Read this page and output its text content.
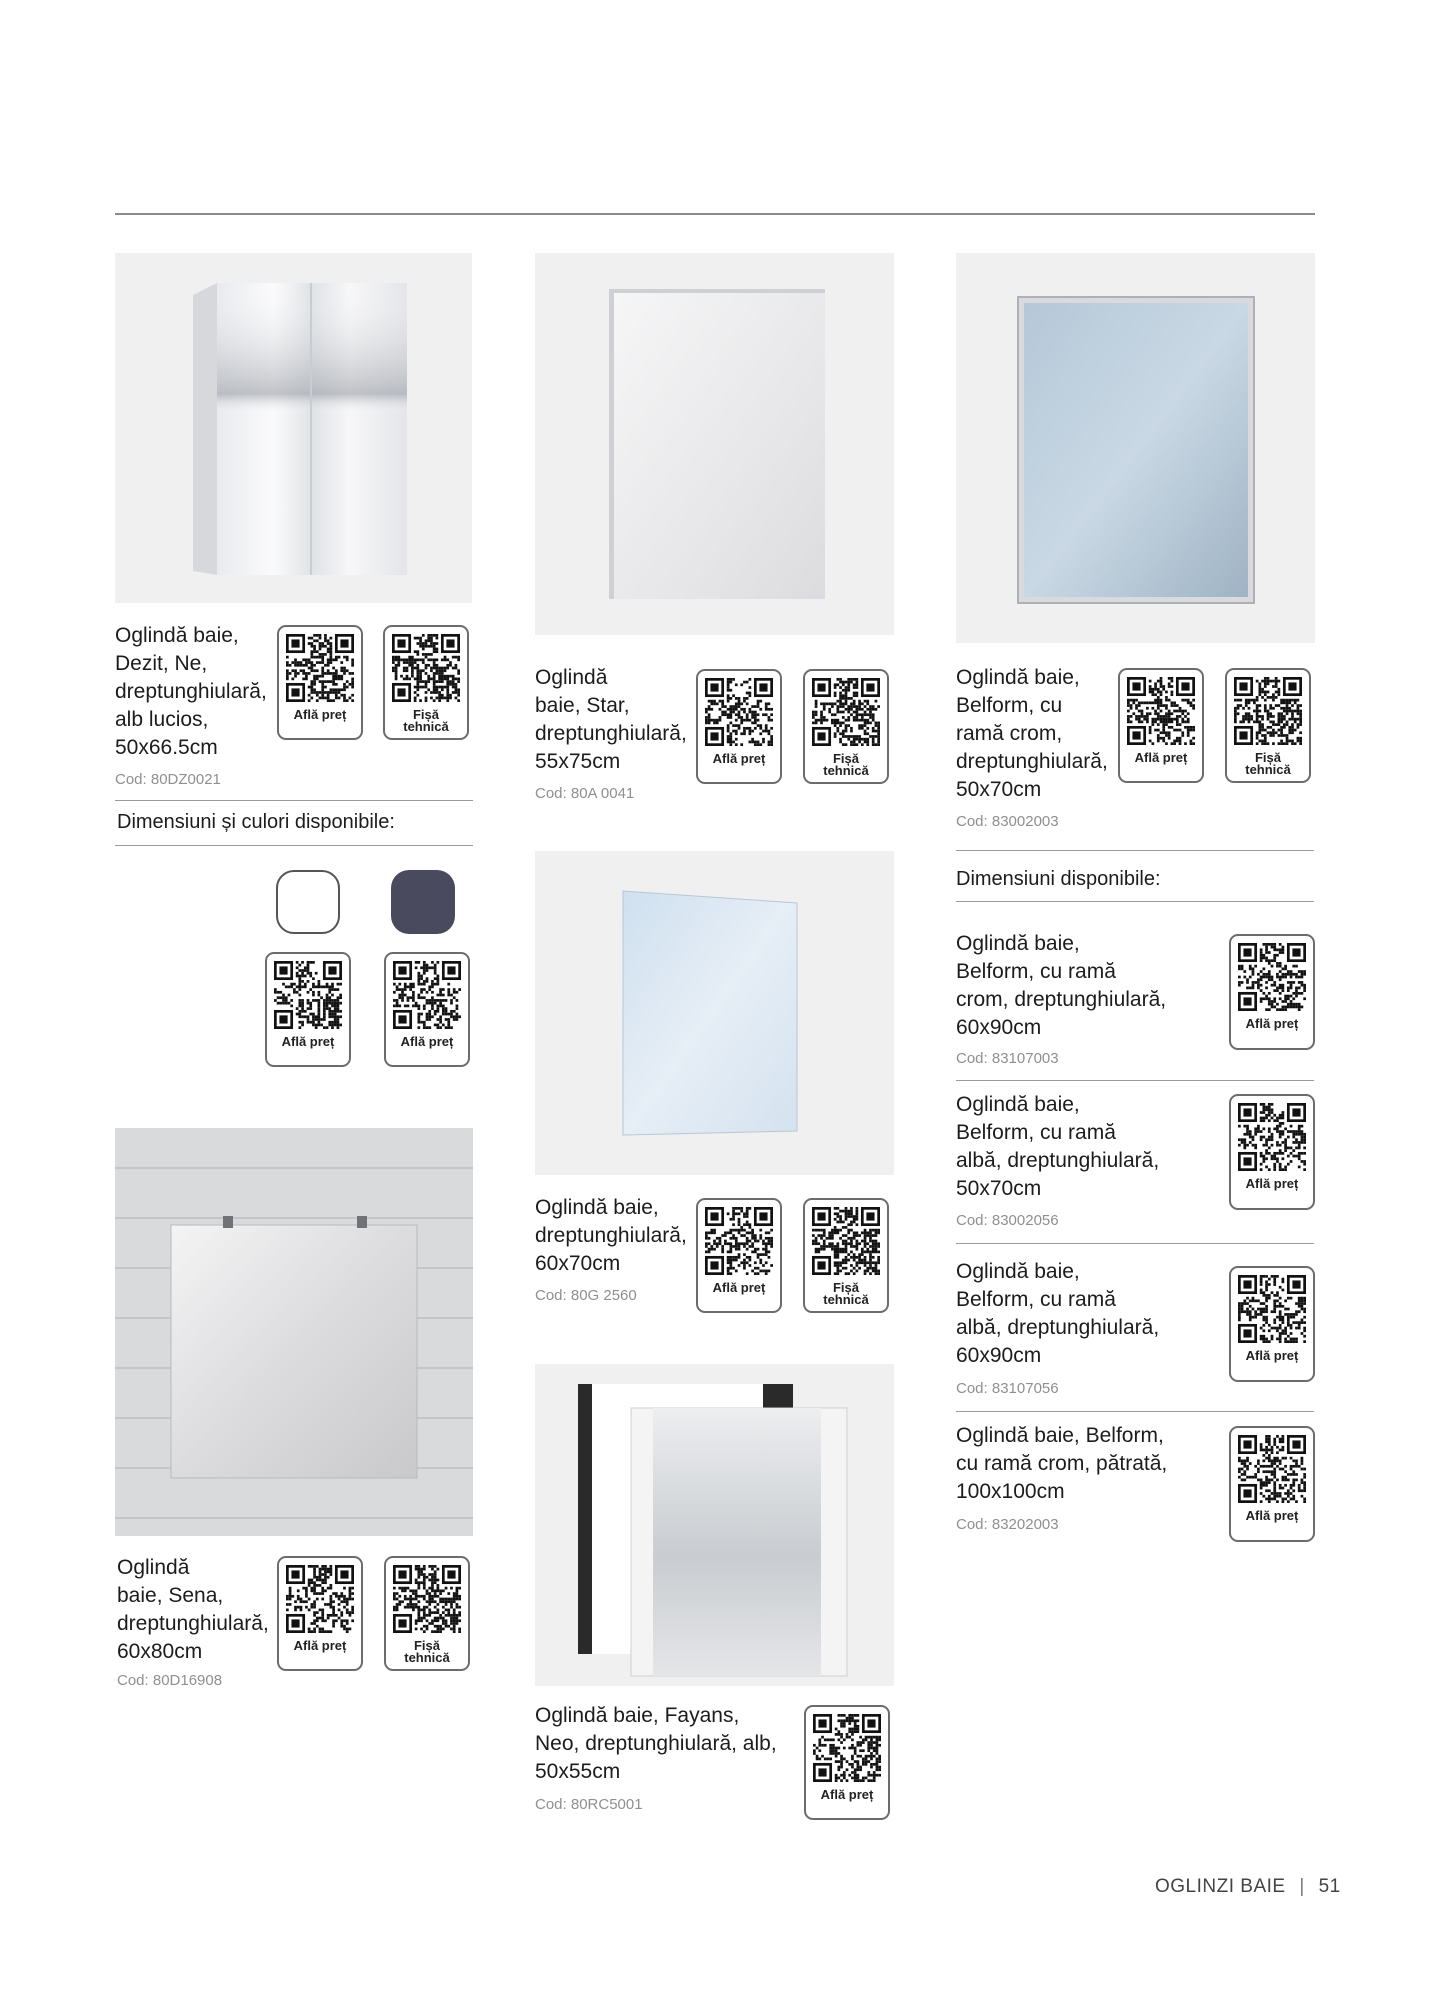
Oglindă baie,
Dezit, Ne,
dreptunghiulară,
alb lucios,
50x66.5cm
Cod: 80DZ0021
Află preț	Fișă tehnică
Dimensiuni și culori disponibile:
Află preț	Află preț
Oglindă
baie, Sena,
dreptunghiulară,
60x80cm
Cod: 80D16908
Află preț	Fișă tehnică
Oglindă
baie, Star,
dreptunghiulară,
55x75cm
Cod: 80A 0041
Află preț	Fișă tehnică
Oglindă baie,
dreptunghiulară,
60x70cm
Cod: 80G 2560	Află preț	Fișă tehnică
Oglindă baie, Fayans,
Neo, dreptunghiulară, alb,
50x55cm
Cod: 80RC5001
Află preț
Oglindă baie,
Belform, cu
ramă crom,
dreptunghiulară,
50x70cm
Cod: 83002003
Află preț	Fișă tehnică
Dimensiuni disponibile:
Oglindă baie,
Belform, cu ramă
crom, dreptunghiulară,
60x90cm
Cod: 83107003
Află preț
Oglindă baie,
Belform, cu ramă
albă, dreptunghiulară,
50x70cm
Cod: 83002056
Află preț
Oglindă baie,
Belform, cu ramă
albă, dreptunghiulară,
60x90cm
Cod: 83107056
Află preț
Oglindă baie, Belform,
cu ramă crom, pătrată,
100x100cm
Cod: 83202003
Află preț
OGLINZI BAIE | 51
